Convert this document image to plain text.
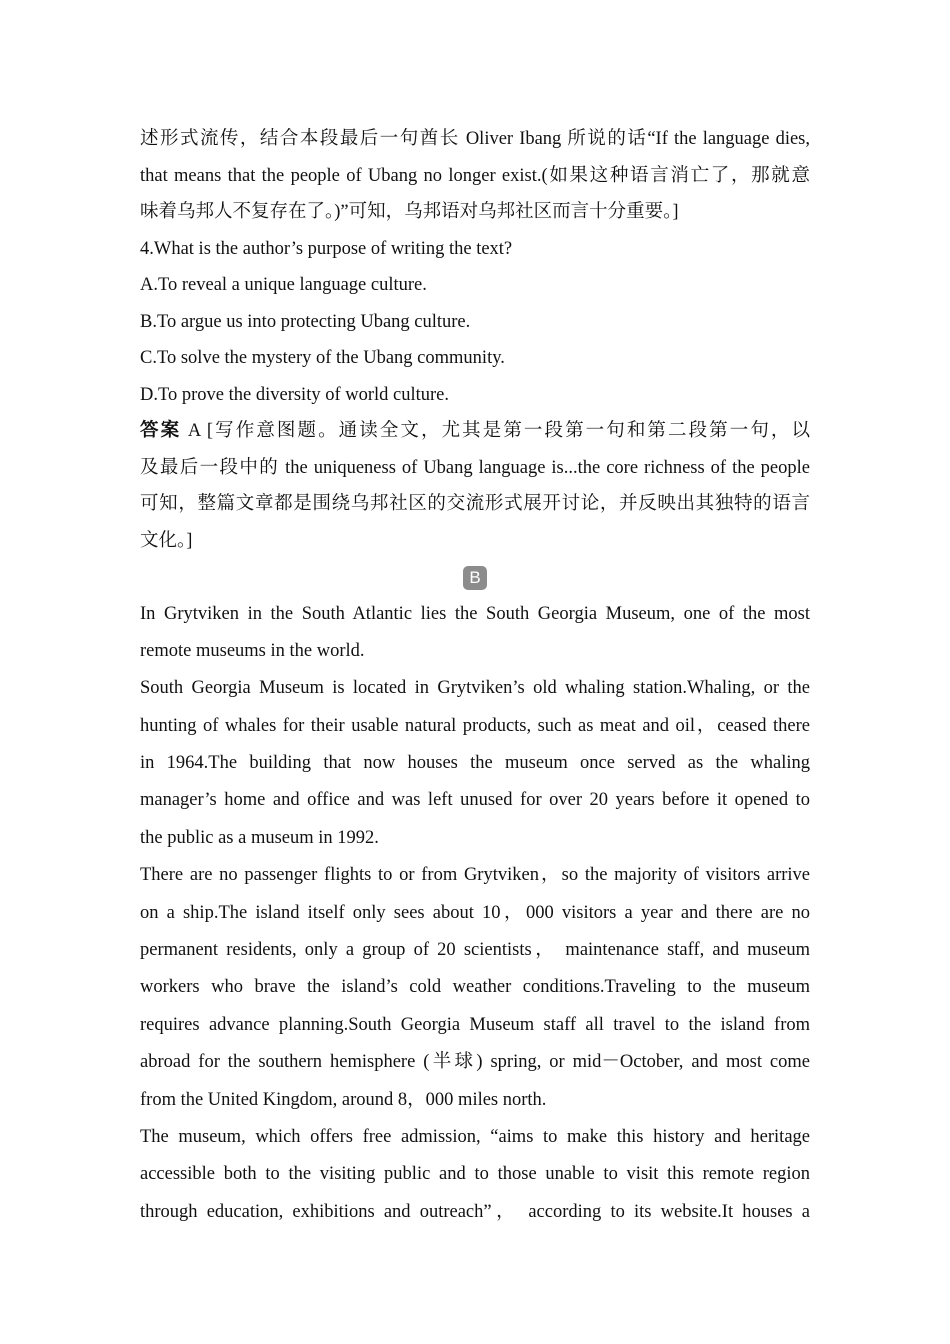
述形式流传，结合本段最后一句酋长 Oliver Ibang 所说的话“If the language dies,
that means that the people of Ubang no longer exist.(如果这种语言消亡了，那就意
味着乌邦人不复存在了。)”可知，乌邦语对乌邦社区而言十分重要。]
4.What is the author’s purpose of writing the text?
A.To reveal a unique language culture.
B.To argue us into protecting Ubang culture.
C.To solve the mystery of the Ubang community.
D.To prove the diversity of world culture.
答案 A [写作意图题。通读全文，尤其是第一段第一句和第二段第一句，以
及最后一段中的 the uniqueness of Ubang language is...the core richness of the people
可知，整篇文章都是围绕乌邦社区的交流形式展开讨论，并反映出其独特的语言
文化。]
B
In Grytviken in the South Atlantic lies the South Georgia Museum, one of the most
remote museums in the world.
South Georgia Museum is located in Grytviken’s old whaling station.Whaling, or the
hunting of whales for their usable natural products, such as meat and oil，ceased there
in 1964.The building that now houses the museum once served as the whaling
manager’s home and office and was left unused for over 20 years before it opened to
the public as a museum in 1992.
There are no passenger flights to or from Grytviken，so the majority of visitors arrive
on a ship.The island itself only sees about 10，000 visitors a year and there are no
permanent residents, only a group of 20 scientists， maintenance staff, and museum
workers who brave the island’s cold weather conditions.Traveling to the museum
requires advance planning.South Georgia Museum staff all travel to the island from
abroad for the southern hemisphere (半球) spring, or mid－October, and most come
from the United Kingdom, around 8，000 miles north.
The museum, which offers free admission, “aims to make this history and heritage
accessible both to the visiting public and to those unable to visit this remote region
through education, exhibitions and outreach”， according to its website.It houses a
